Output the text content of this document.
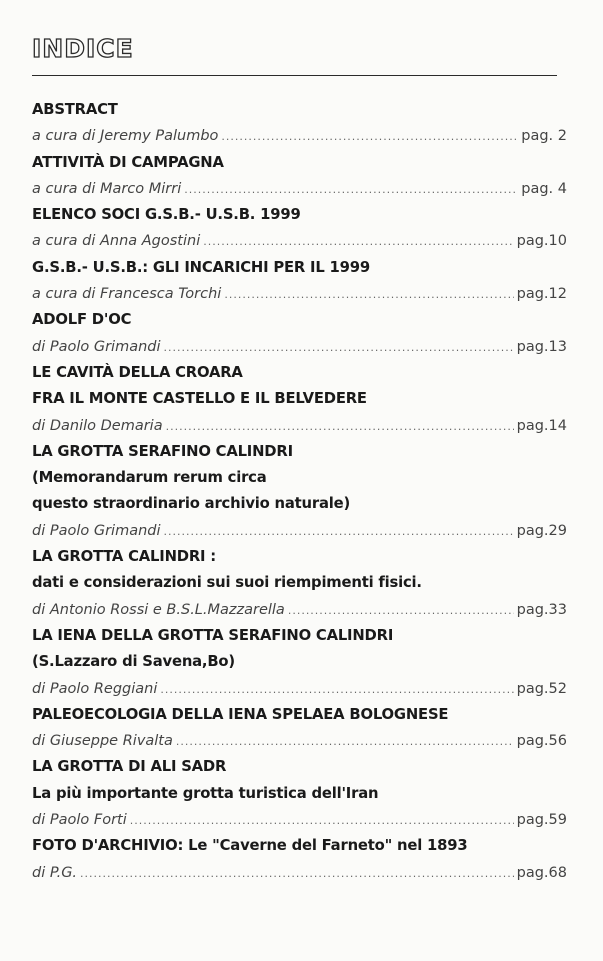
INDICE
ABSTRACT
a cura di Jeremy Palumbo .....	pag. 2
ATTIVITÀ DI CAMPAGNA
a cura di Marco Mirri .....	pag. 4
ELENCO SOCI G.S.B.- U.S.B. 1999
a cura di Anna Agostini .....	pag.10
G.S.B.- U.S.B.: GLI INCARICHI PER IL 1999
a cura di Francesca Torchi .....	pag.12
ADOLF D'OC
di Paolo Grimandi .....	pag.13
LE CAVITÀ DELLA CROARA
FRA IL MONTE CASTELLO E IL BELVEDERE
di Danilo Demaria .....	pag.14
LA GROTTA SERAFINO CALINDRI
(Memorandarum rerum circa
questo straordinario archivio naturale)
di Paolo Grimandi .....	pag.29
LA GROTTA CALINDRI :
dati e considerazioni sui suoi riempimenti fisici.
di Antonio Rossi e B.S.L.Mazzarella .....	pag.33
LA IENA DELLA GROTTA SERAFINO CALINDRI
(S.Lazzaro di Savena,Bo)
di Paolo Reggiani .....	pag.52
PALEOECOLOGIA DELLA IENA SPELAEA BOLOGNESE
di Giuseppe Rivalta .....	pag.56
LA GROTTA DI ALI SADR
La più importante grotta turistica dell'Iran
di Paolo Forti .....	pag.59
FOTO D'ARCHIVIO: Le "Caverne del Farneto" nel 1893
di P.G. .....	pag.68
